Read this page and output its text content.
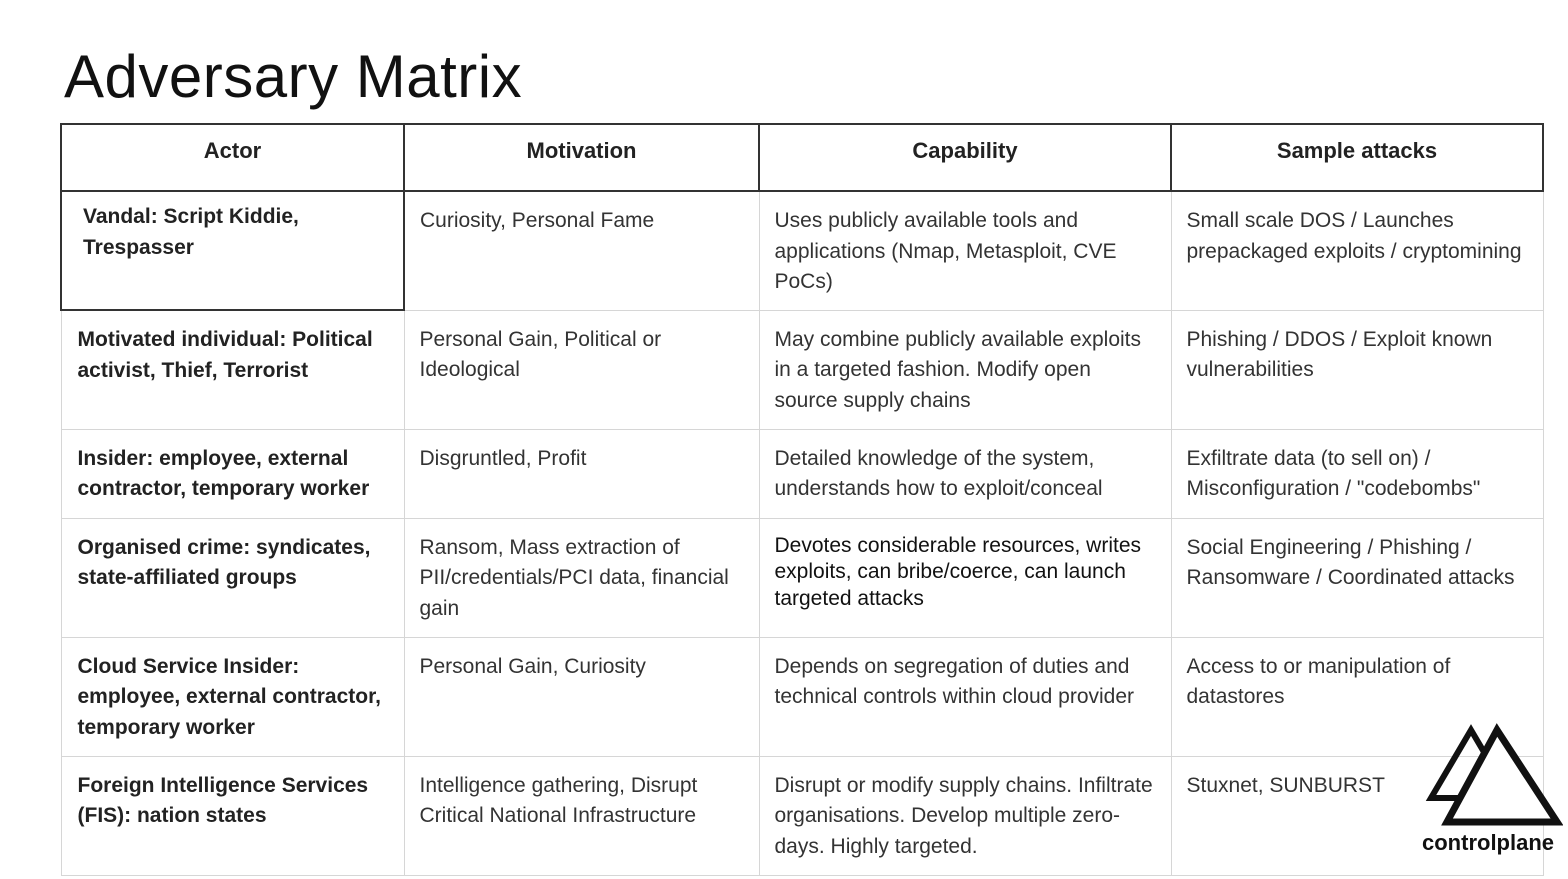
Adversary Matrix
Actor	Motivation	Capability	Sample attacks
Vandal: Script Kiddie, Trespasser	Curiosity, Personal Fame	Uses publicly available tools and applications (Nmap, Metasploit, CVE PoCs)	Small scale DOS / Launches prepackaged exploits / cryptomining
Motivated individual: Political activist, Thief, Terrorist	Personal Gain, Political or Ideological	May combine publicly available exploits in a targeted fashion. Modify open source supply chains	Phishing / DDOS / Exploit known vulnerabilities
Insider: employee, external contractor, temporary worker	Disgruntled, Profit	Detailed knowledge of the system, understands how to exploit/conceal	Exfiltrate data (to sell on) / Misconfiguration / "codebombs"
Organised crime: syndicates, state-affiliated groups	Ransom, Mass extraction of PII/credentials/PCI data, financial gain	Devotes considerable resources, writes exploits, can bribe/coerce, can launch targeted attacks	Social Engineering / Phishing / Ransomware / Coordinated attacks
Cloud Service Insider: employee, external contractor, temporary worker	Personal Gain, Curiosity	Depends on segregation of duties and technical controls within cloud provider	Access to or manipulation of datastores
Foreign Intelligence Services (FIS): nation states	Intelligence gathering, Disrupt Critical National Infrastructure	Disrupt or modify supply chains. Infiltrate organisations. Develop multiple zero-days. Highly targeted.	Stuxnet, SUNBURST
controlplane
